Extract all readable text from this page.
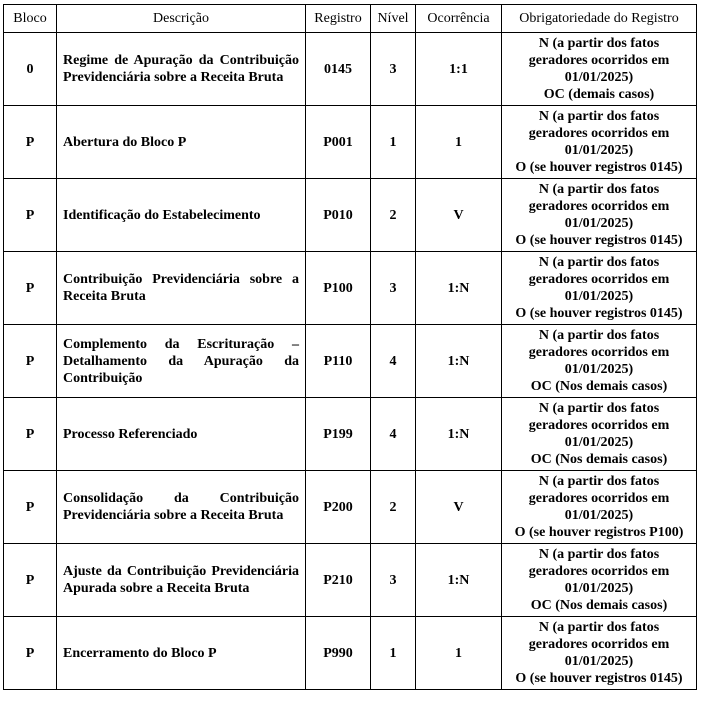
Bloco	Descrição	Registro	Nível	Ocorrência	Obrigatoriedade do Registro
0	Regime de Apuração da Contribuição Previdenciária sobre a Receita Bruta	0145	3	1:1	N (a partir dos fatos
geradores ocorridos em
01/01/2025)
OC (demais casos)

P	Abertura do Bloco P	P001	1	1	N (a partir dos fatos
geradores ocorridos em
01/01/2025)
O (se houver registros 0145)

P	Identificação do Estabelecimento	P010	2	V	N (a partir dos fatos
geradores ocorridos em
01/01/2025)
O (se houver registros 0145)

P	Contribuição Previdenciária sobre a Receita Bruta	P100	3	1:N	N (a partir dos fatos
geradores ocorridos em
01/01/2025)
O (se houver registros 0145)

P	Complemento da Escrituração – Detalhamento da Apuração da Contribuição	P110	4	1:N	N (a partir dos fatos
geradores ocorridos em
01/01/2025)
OC (Nos demais casos)

P	Processo Referenciado	P199	4	1:N	N (a partir dos fatos
geradores ocorridos em
01/01/2025)
OC (Nos demais casos)

P	Consolidação da Contribuição Previdenciária sobre a Receita Bruta	P200	2	V	N (a partir dos fatos
geradores ocorridos em
01/01/2025)
O (se houver registros P100)

P	Ajuste da Contribuição Previdenciária Apurada sobre a Receita Bruta	P210	3	1:N	N (a partir dos fatos
geradores ocorridos em
01/01/2025)
OC (Nos demais casos)

P	Encerramento do Bloco P	P990	1	1	N (a partir dos fatos
geradores ocorridos em
01/01/2025)
O (se houver registros 0145)
